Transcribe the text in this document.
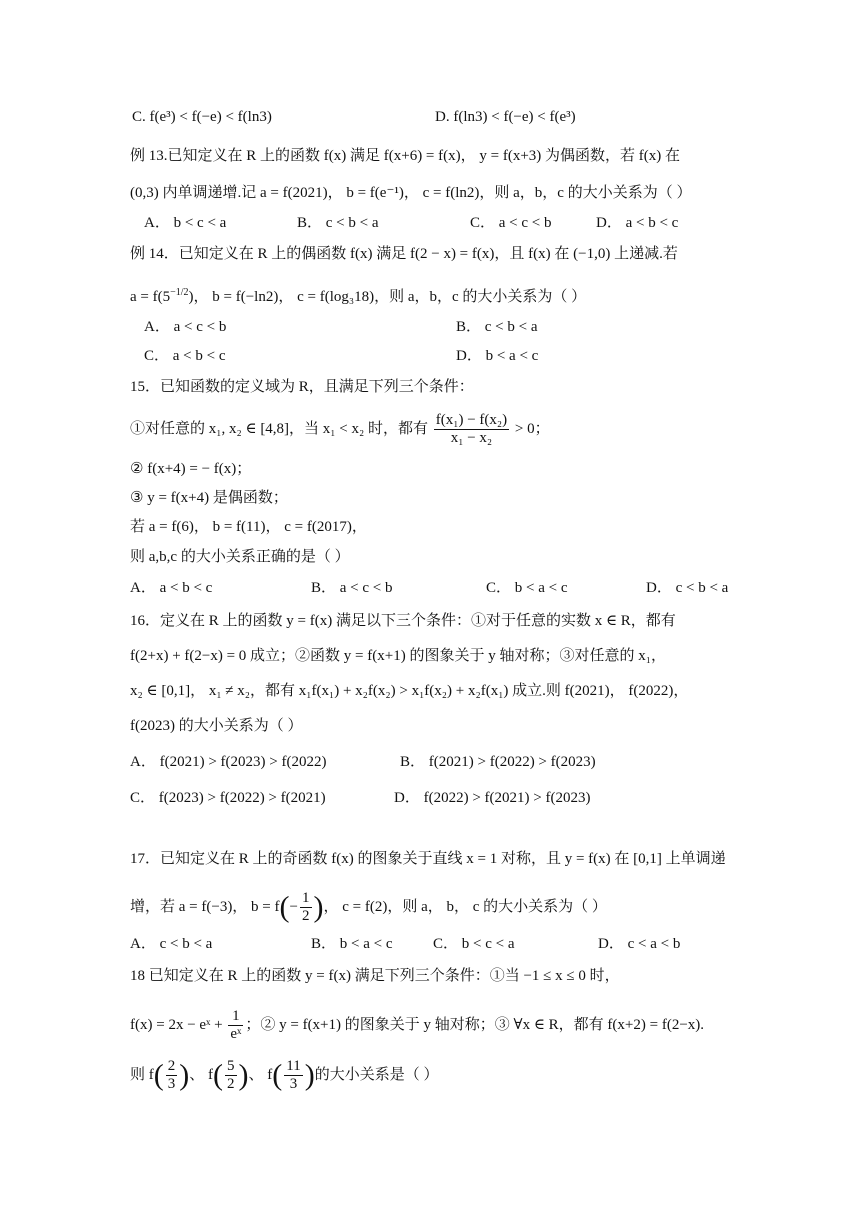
C. f(e³) < f(−e) < f(ln3)	D. f(ln3) < f(−e) < f(e³)
例 13.已知定义在 R 上的函数 f(x) 满足 f(x+6) = f(x)， y = f(x+3) 为偶函数，若 f(x) 在
(0,3) 内单调递增.记 a = f(2021)， b = f(e⁻¹)， c = f(ln2)，则 a，b，c 的大小关系为（ ）
A． b < c < a	B． c < b < a	C． a < c < b	D． a < b < c
例 14．已知定义在 R 上的偶函数 f(x) 满足 f(2 − x) = f(x)，且 f(x) 在 (−1,0) 上递减.若
$a = f(5^{-1/2})$， b = f(−ln2)， c = f(log₃18)，则 a，b，c 的大小关系为（ ）
A． a < c < b	B． c < b < a
C． a < b < c	D． b < a < c
15．已知函数的定义域为 R，且满足下列三个条件：
①对任意的 x₁, x₂ ∈ [4,8]，当 x₁ < x₂ 时，都有 $\frac{\text{f(x₁) − f(x₂)}}{\text{x₁ − x₂}} > 0$；
② f(x+4) = − f(x)；
③ y = f(x+4) 是偶函数；
若 a = f(6)， b = f(11)， c = f(2017)，
则 a,b,c 的大小关系正确的是（ ）
A． a < b < c	B． a < c < b	C． b < a < c	D． c < b < a
16．定义在 R 上的函数 y = f(x) 满足以下三个条件：①对于任意的实数 x ∈ R，都有
f(2+x) + f(2−x) = 0 成立；②函数 y = f(x+1) 的图象关于 y 轴对称；③对任意的 x₁，
x₂ ∈ [0,1]， x₁ ≠ x₂，都有 x₁f(x₁) + x₂f(x₂) > x₁f(x₂) + x₂f(x₁) 成立.则 f(2021)， f(2022)，
f(2023) 的大小关系为（ ）
A． f(2021) > f(2023) > f(2022)	B． f(2021) > f(2022) > f(2023)
C． f(2023) > f(2022) > f(2021)	D． f(2022) > f(2021) > f(2023)
17．已知定义在 R 上的奇函数 f(x) 的图象关于直线 x = 1 对称，且 y = f(x) 在 [0,1] 上单调递
增，若 a = f(−3)， $b = f(- \frac{1}{2}$ )， c = f(2)，则 a， b， c 的大小关系为（ ）
A． c < b < a	B． b < a < c	C． b < c < a	D． c < a < b
18 已知定义在 R 上的函数 y = f(x) 满足下列三个条件：①当 −1 ≤ x ≤ 0 时，
f(x) = 2x − eˣ + $\frac{1}{\text{eˣ}}$ ；② y = f(x+1) 的图象关于 y 轴对称；③ ∀x ∈ R，都有 f(x+2) = f(2−x).
则 $f( \frac{2}{3}$ )、 $f( \frac{5}{2}$ )、 $f( \frac{11}{3}$ )的大小关系是（ ）
